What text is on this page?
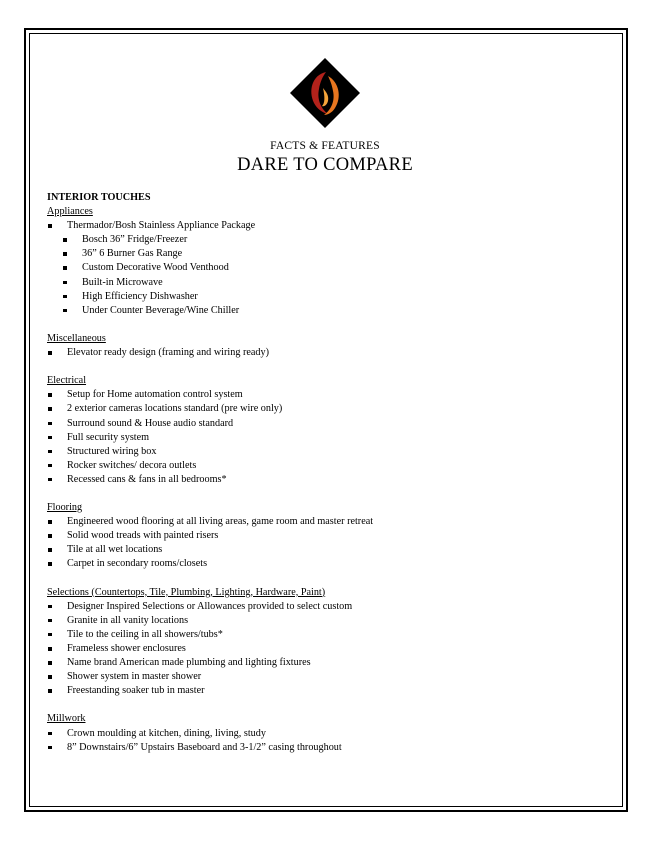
FACTS & FEATURES
DARE TO COMPARE
INTERIOR TOUCHES
Appliances
Thermador/Bosh Stainless Appliance Package
Bosch 36” Fridge/Freezer
36” 6 Burner Gas Range
Custom Decorative Wood Venthood
Built-in Microwave
High Efficiency Dishwasher
Under Counter Beverage/Wine Chiller
Miscellaneous
Elevator ready design (framing and wiring ready)
Electrical
Setup for Home automation control system
2 exterior cameras locations standard (pre wire only)
Surround sound & House audio standard
Full security system
Structured wiring box
Rocker switches/ decora outlets
Recessed cans & fans in all bedrooms*
Flooring
Engineered wood flooring at all living areas, game room and master retreat
Solid wood treads with painted risers
Tile at all wet locations
Carpet in secondary rooms/closets
Selections (Countertops, Tile, Plumbing, Lighting, Hardware, Paint)
Designer Inspired Selections or Allowances provided to select custom
Granite in all vanity locations
Tile to the ceiling in all showers/tubs*
Frameless shower enclosures
Name brand American made plumbing and lighting fixtures
Shower system in master shower
Freestanding soaker tub in master
Millwork
Crown moulding at kitchen, dining, living, study
8” Downstairs/6” Upstairs Baseboard and 3-1/2” casing throughout
